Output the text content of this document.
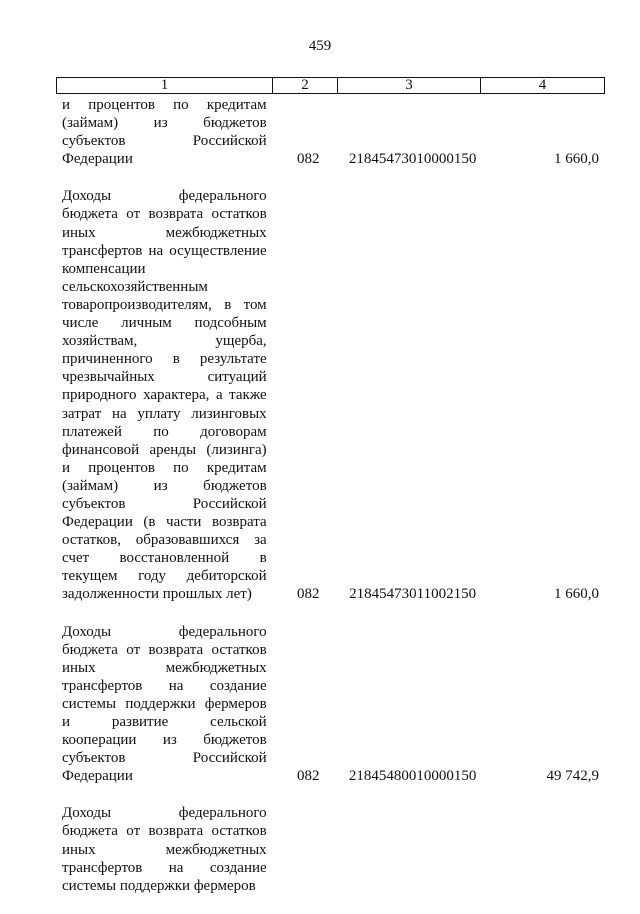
459
1	2	3	4
и процентов по кредитам
(займам) из бюджетов
субъектов Российской
Федерации	082	21845473010000150	1 660,0
Доходы федерального
бюджета от возврата остатков
иных межбюджетных
трансфертов на осуществление
компенсации
сельскохозяйственным
товаропроизводителям, в том
числе личным подсобным
хозяйствам, ущерба,
причиненного в результате
чрезвычайных ситуаций
природного характера, а также
затрат на уплату лизинговых
платежей по договорам
финансовой аренды (лизинга)
и процентов по кредитам
(займам) из бюджетов
субъектов Российской
Федерации (в части возврата
остатков, образовавшихся за
счет восстановленной в
текущем году дебиторской
задолженности прошлых лет)	082	21845473011002150	1 660,0
Доходы федерального
бюджета от возврата остатков
иных межбюджетных
трансфертов на создание
системы поддержки фермеров
и развитие сельской
кооперации из бюджетов
субъектов Российской
Федерации	082	21845480010000150	49 742,9
Доходы федерального
бюджета от возврата остатков
иных межбюджетных
трансфертов на создание
системы поддержки фермеров
